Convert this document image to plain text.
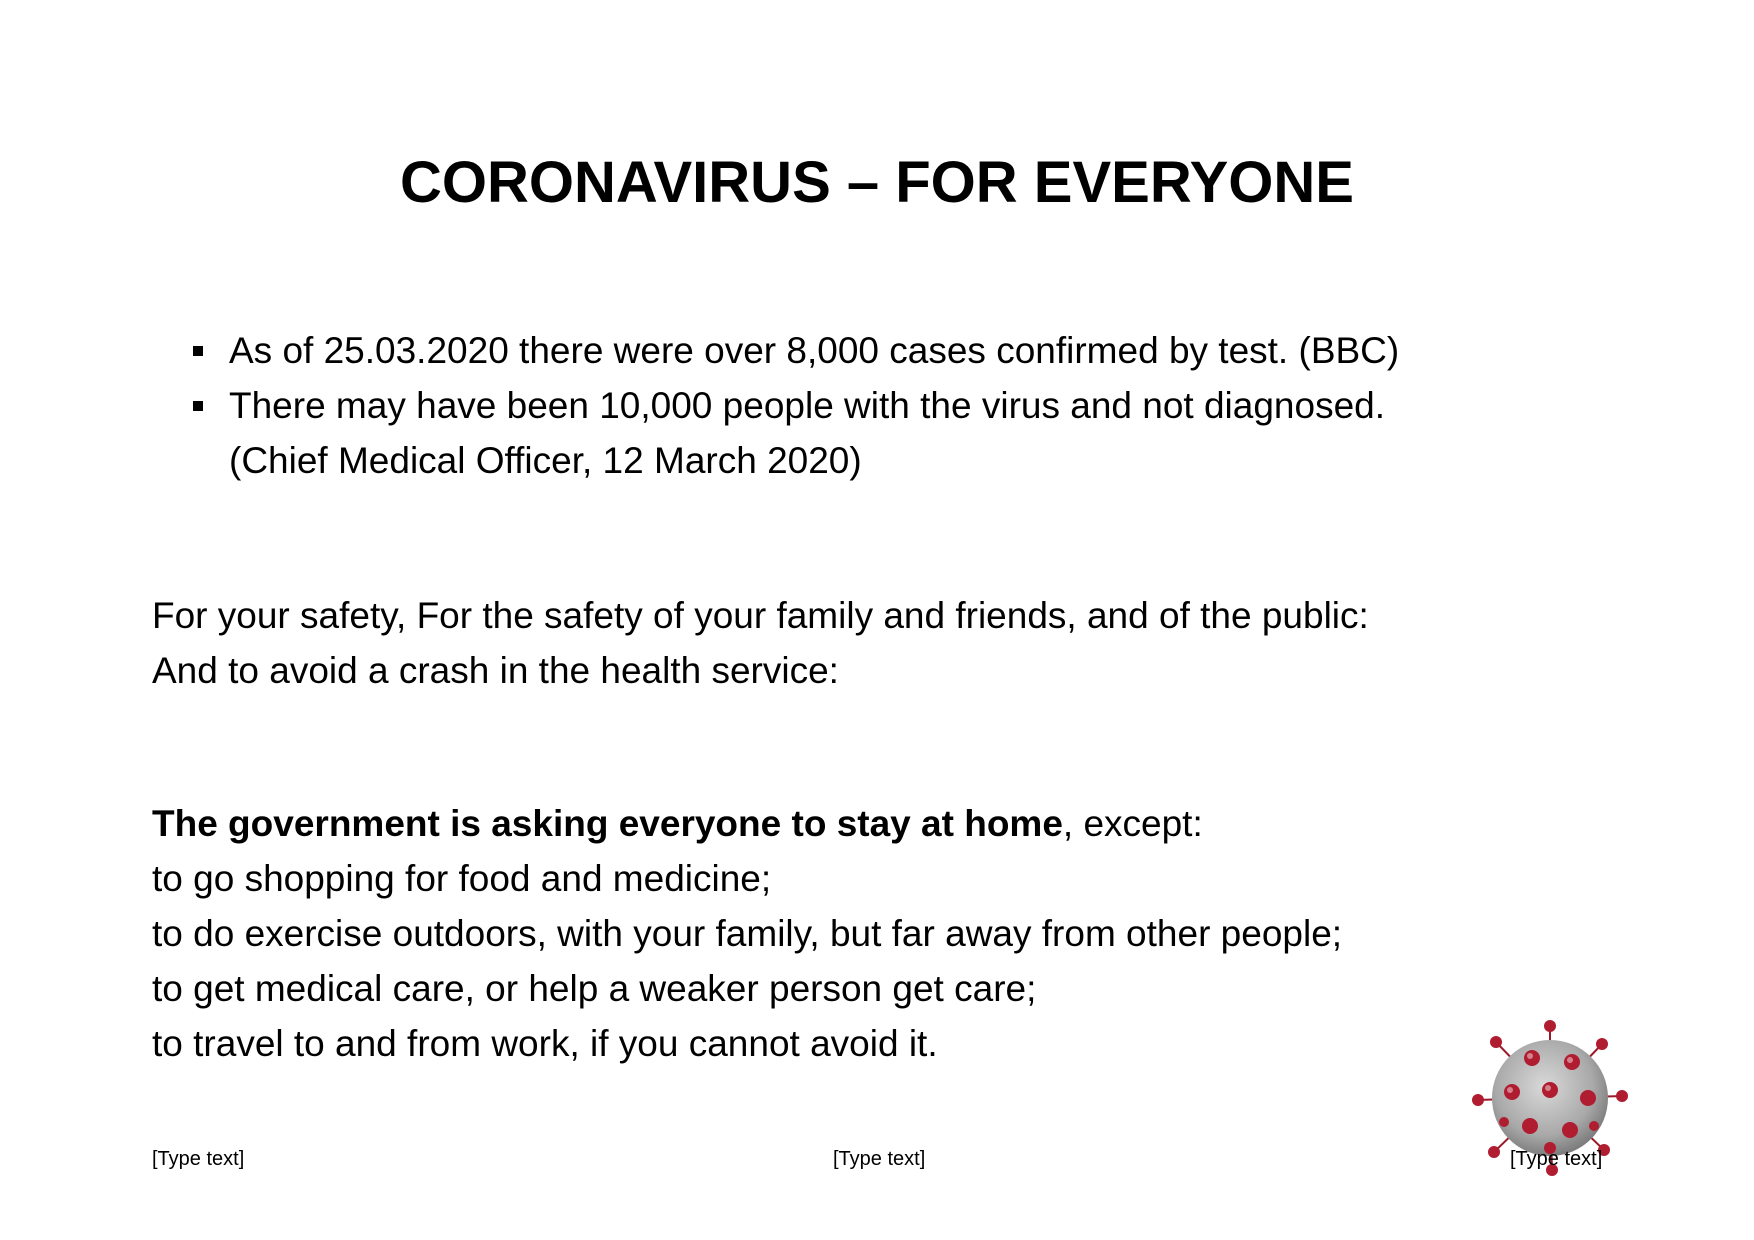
CORONAVIRUS – FOR EVERYONE
As of 25.03.2020 there were over 8,000 cases confirmed by test. (BBC)
There may have been 10,000 people with the virus and not diagnosed.
(Chief Medical Officer, 12 March 2020)

For your safety, For the safety of your family and friends, and of the public:
And to avoid a crash in the health service:

The government is asking everyone to stay at home, except:
to go shopping for food and medicine;
to do exercise outdoors, with your family, but far away from other people;
to get medical care, or help a weaker person get care;
to travel to and from work, if you cannot avoid it.

[Type text]	[Type text]	[Type text]
